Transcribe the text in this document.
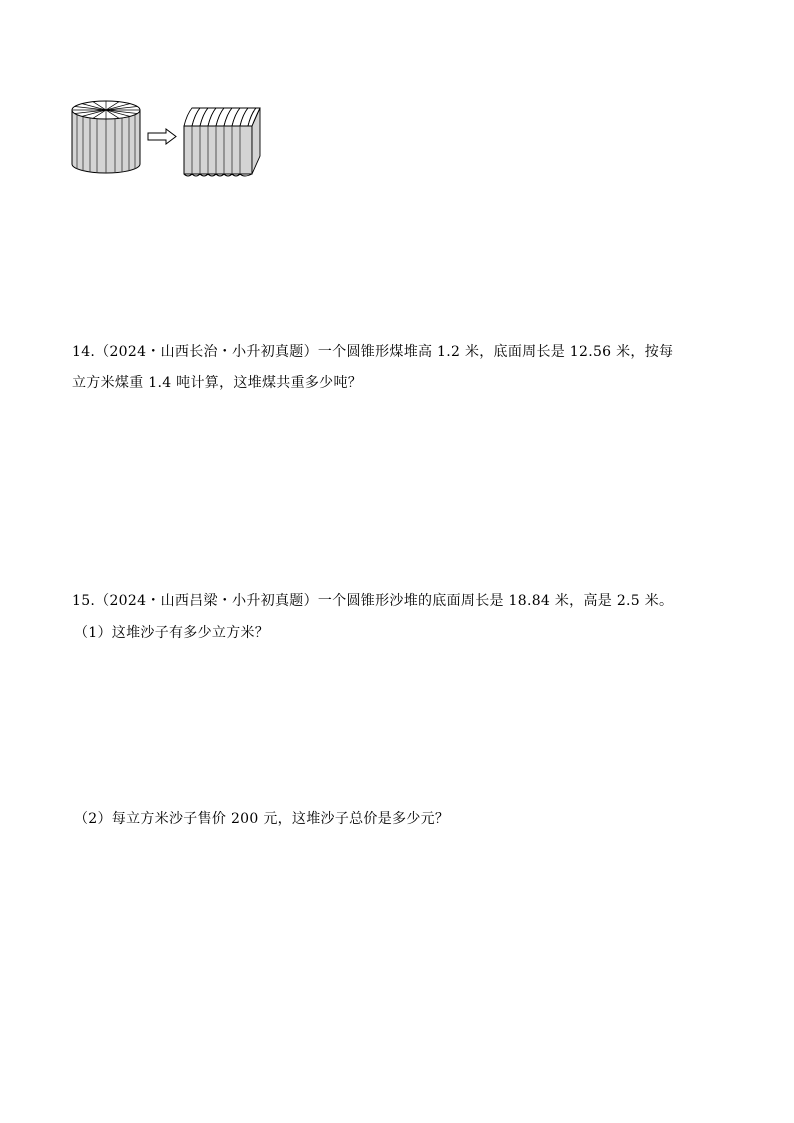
14.（2024・山西长治・小升初真题）一个圆锥形煤堆高 1.2 米，底面周长是 12.56 米，按每
立方米煤重 1.4 吨计算，这堆煤共重多少吨？
15.（2024・山西吕梁・小升初真题）一个圆锥形沙堆的底面周长是 18.84 米，高是 2.5 米。
（1）这堆沙子有多少立方米？
（2）每立方米沙子售价 200 元，这堆沙子总价是多少元？
